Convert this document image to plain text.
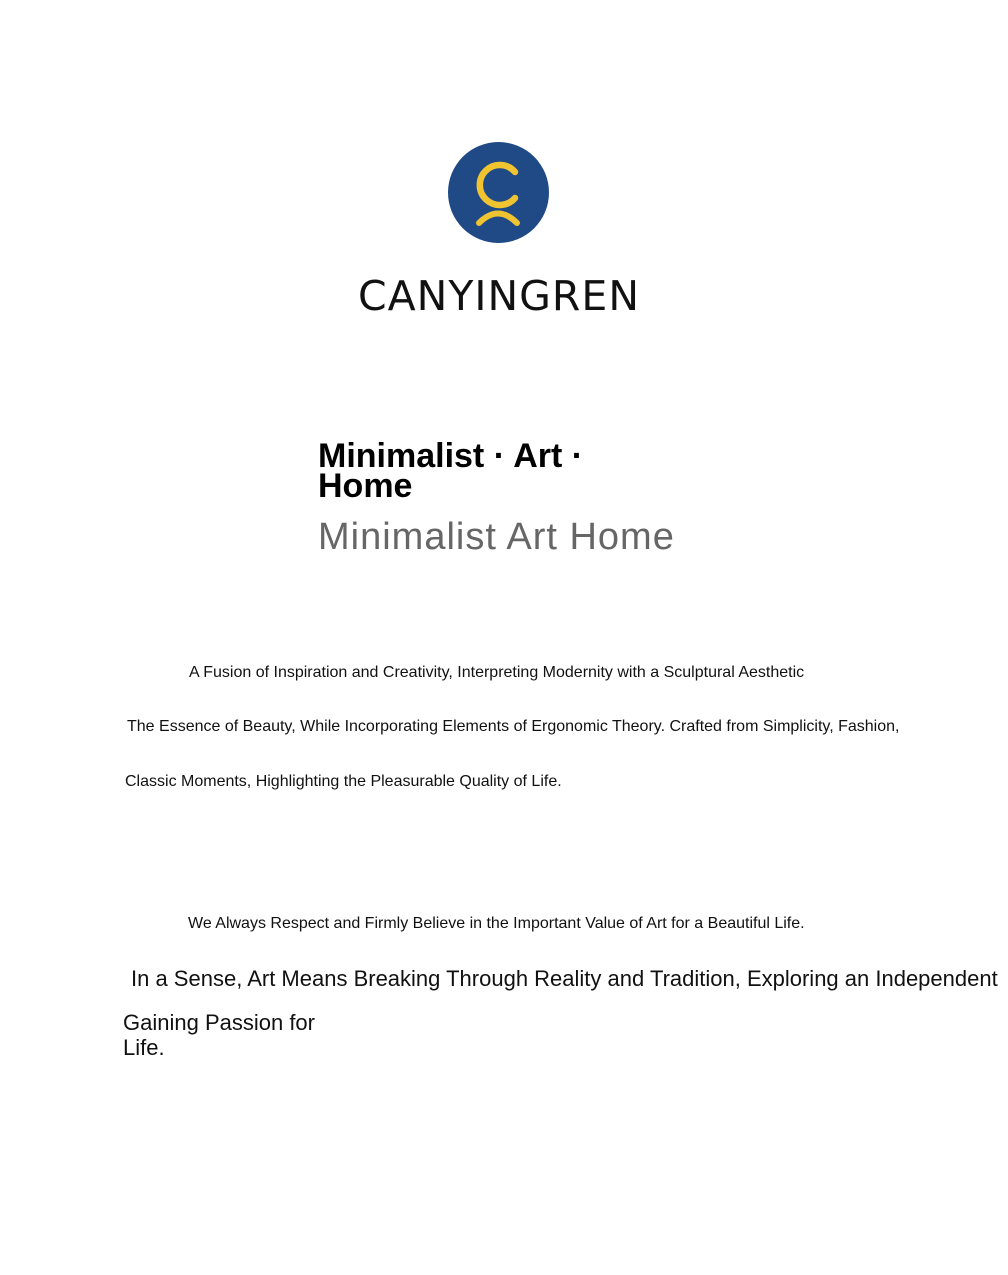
CANYINGREN
Minimalist · Art · Home
Minimalist Art Home
A Fusion of Inspiration and Creativity, Interpreting Modernity with a Sculptural Aesthetic
The Essence of Beauty, While Incorporating Elements of Ergonomic Theory. Crafted from Simplicity, Fashion,
Classic Moments, Highlighting the Pleasurable Quality of Life.
We Always Respect and Firmly Believe in the Important Value of Art for a Beautiful Life.
In a Sense, Art Means Breaking Through Reality and Tradition, Exploring an Independent
Gaining Passion for Life.
